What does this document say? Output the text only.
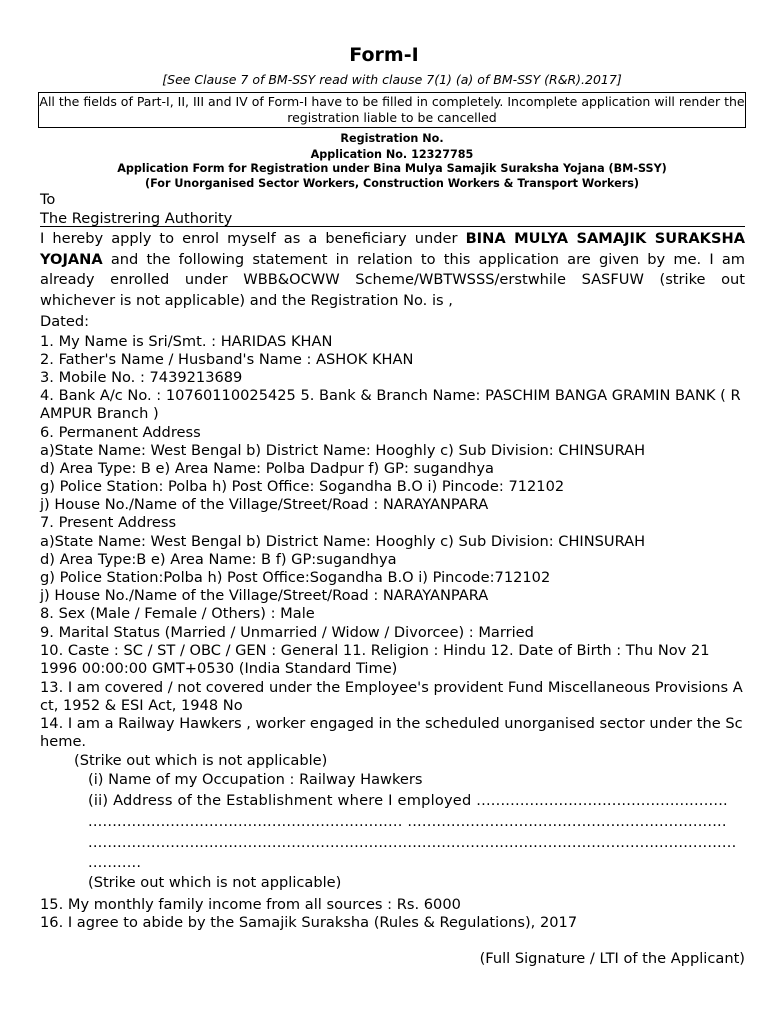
Form-I
[See Clause 7 of BM-SSY read with clause 7(1) (a) of BM-SSY (R&R).2017]
All the fields of Part-I, II, III and IV of Form-I have to be filled in completely. Incomplete application will render the registration liable to be cancelled
Registration No.
Application No. 12327785
Application Form for Registration under Bina Mulya Samajik Suraksha Yojana (BM-SSY)
(For Unorganised Sector Workers, Construction Workers & Transport Workers)
To
The Registrering Authority
I hereby apply to enrol myself as a beneficiary under BINA MULYA SAMAJIK SURAKSHA YOJANA and the following statement in relation to this application are given by me. I am already enrolled under WBB&OCWW Scheme/WBTWSSS/erstwhile SASFUW (strike out whichever is not applicable) and the Registration No. is ,
Dated:
1. My Name is Sri/Smt. : HARIDAS KHAN
2. Father's Name / Husband's Name : ASHOK KHAN
3. Mobile No. : 7439213689
4. Bank A/c No. : 10760110025425 5. Bank & Branch Name: PASCHIM BANGA GRAMIN BANK ( RAMPUR Branch )
6. Permanent Address
a)State Name: West Bengal b) District Name: Hooghly c) Sub Division: CHINSURAH
d) Area Type: B e) Area Name: Polba Dadpur f) GP: sugandhya
g) Police Station: Polba h) Post Office: Sogandha B.O i) Pincode: 712102
j) House No./Name of the Village/Street/Road : NARAYANPARA
7. Present Address
a)State Name: West Bengal b) District Name: Hooghly c) Sub Division: CHINSURAH
d) Area Type:B e) Area Name: B f) GP:sugandhya
g) Police Station:Polba h) Post Office:Sogandha B.O i) Pincode:712102
j) House No./Name of the Village/Street/Road : NARAYANPARA
8. Sex (Male / Female / Others) : Male
9. Marital Status (Married / Unmarried / Widow / Divorcee) : Married
10. Caste : SC / ST / OBC / GEN : General 11. Religion : Hindu 12. Date of Birth : Thu Nov 21 1996 00:00:00 GMT+0530 (India Standard Time)
13. I am covered / not covered under the Employee's provident Fund Miscellaneous Provisions Act, 1952 & ESI Act, 1948 No
14. I am a Railway Hawkers , worker engaged in the scheduled unorganised sector under the Scheme.
(Strike out which is not applicable)
(i) Name of my Occupation : Railway Hawkers
(ii) Address of the Establishment where I employed ....................................................
................................................................. ..................................................................
......................................................................................................................................
...........
(Strike out which is not applicable)
15. My monthly family income from all sources : Rs. 6000
16. I agree to abide by the Samajik Suraksha (Rules & Regulations), 2017
(Full Signature / LTI of the Applicant)
